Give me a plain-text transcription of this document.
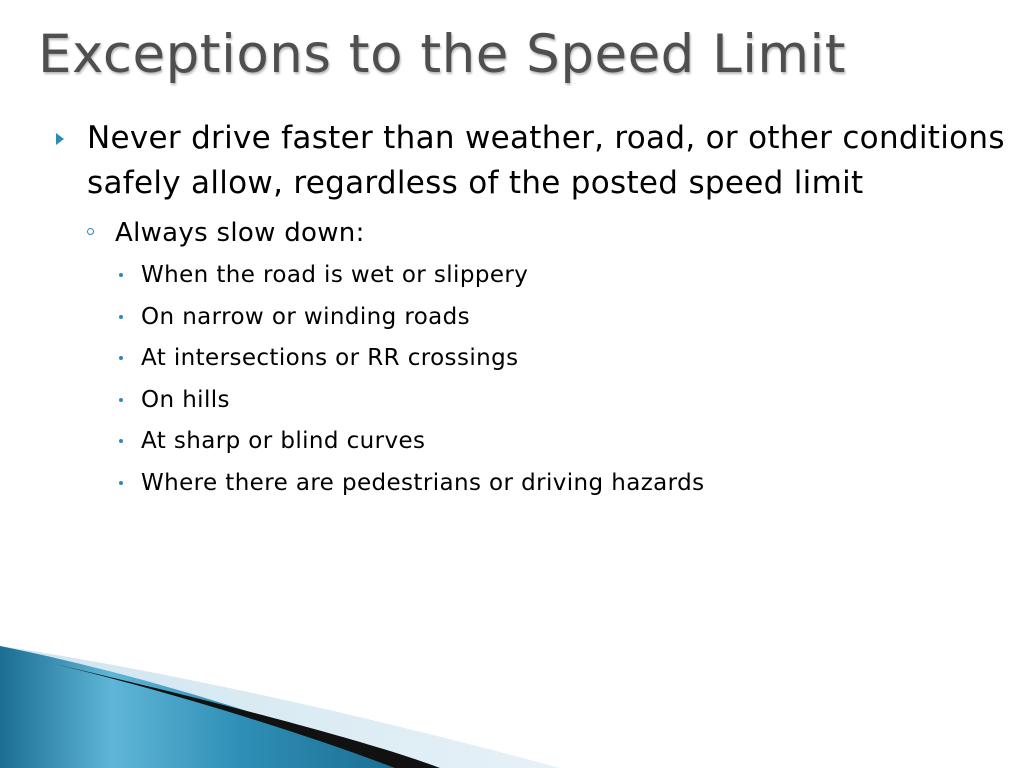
Exceptions to the Speed Limit
Never drive faster than weather, road, or other conditions safely allow, regardless of the posted speed limit
Always slow down:
When the road is wet or slippery
On narrow or winding roads
At intersections or RR crossings
On hills
At sharp or blind curves
Where there are pedestrians or driving hazards
